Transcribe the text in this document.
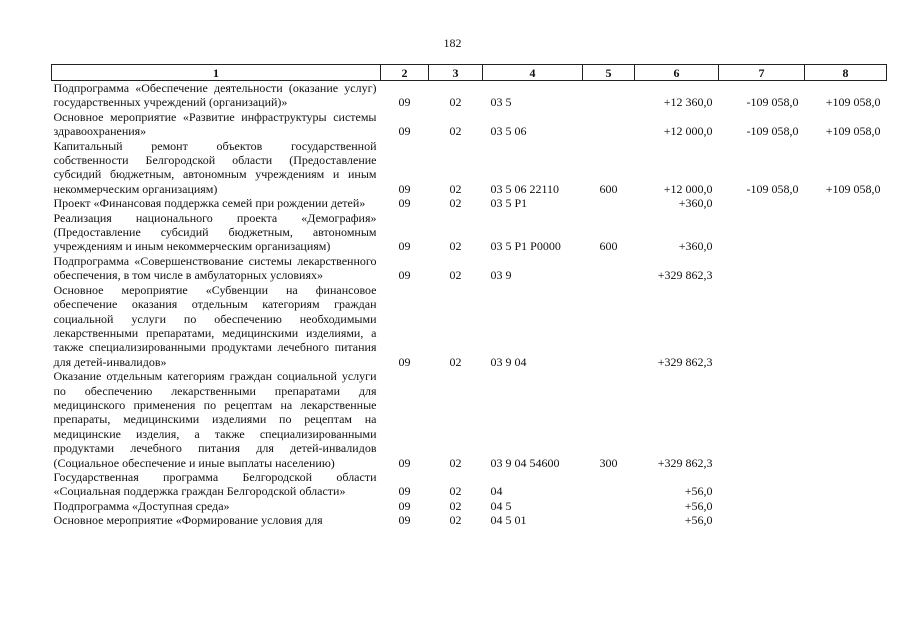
182
1	2	3	4	5	6	7	8
Подпрограмма «Обеспечение деятельности (оказание услуг) государственных учреждений (организаций)»	09	02	03 5		+12 360,0	-109 058,0	+109 058,0
Основное мероприятие «Развитие инфраструктуры системы здравоохранения»	09	02	03 5 06		+12 000,0	-109 058,0	+109 058,0
Капитальный ремонт объектов государственной собственности Белгородской области (Предоставление субсидий бюджетным, автономным учреждениям и иным некоммерческим организациям)	09	02	03 5 06 22110	600	+12 000,0	-109 058,0	+109 058,0
Проект «Финансовая поддержка семей при рождении детей»	09	02	03 5 P1		+360,0		
Реализация национального проекта «Демография» (Предоставление субсидий бюджетным, автономным учреждениям и иным некоммерческим организациям)	09	02	03 5 P1 P0000	600	+360,0		
Подпрограмма «Совершенствование системы лекарственного обеспечения, в том числе в амбулаторных условиях»	09	02	03 9		+329 862,3		
Основное мероприятие «Субвенции на финансовое обеспечение оказания отдельным категориям граждан социальной услуги по обеспечению необходимыми лекарственными препаратами, медицинскими изделиями, а также специализированными продуктами лечебного питания для детей-инвалидов»	09	02	03 9 04		+329 862,3		
Оказание отдельным категориям граждан социальной услуги по обеспечению лекарственными препаратами для медицинского применения по рецептам на лекарственные препараты, медицинскими изделиями по рецептам на медицинские изделия, а также специализированными продуктами лечебного питания для детей-инвалидов (Социальное обеспечение и иные выплаты населению)	09	02	03 9 04 54600	300	+329 862,3		
Государственная программа Белгородской области «Социальная поддержка граждан Белгородской области»	09	02	04		+56,0		
Подпрограмма «Доступная среда»	09	02	04 5		+56,0		
Основное мероприятие «Формирование условия для	09	02	04 5 01		+56,0		
